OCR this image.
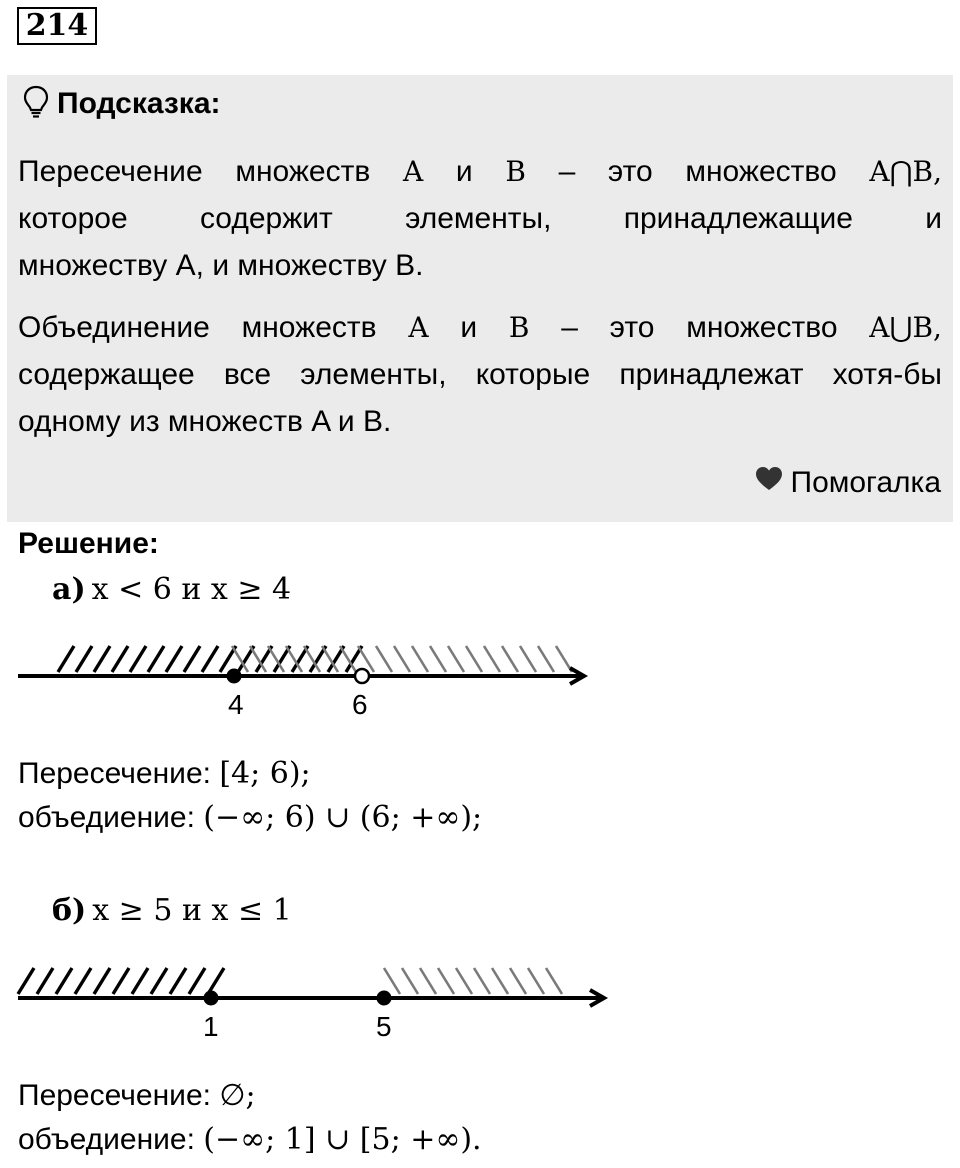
214
Подсказка:
Пересечение множеств A и B – это множество A⋂B,
которое содержит элементы, принадлежащие и
множеству A, и множеству B.
Объединение множеств A и B – это множество A⋃B,
содержащее все элементы, которые принадлежат хотя-бы
одному из множеств A и B.
Помогалка
Решение:
а) x < 6 и x ≥ 4
4	6
Пересечение: [4; 6);
объедиение: (−∞; 6) ∪ (6; +∞);
б) x ≥ 5 и x ≤ 1
1	5
Пересечение: ∅;
объедиение: (−∞; 1] ∪ [5; +∞).
